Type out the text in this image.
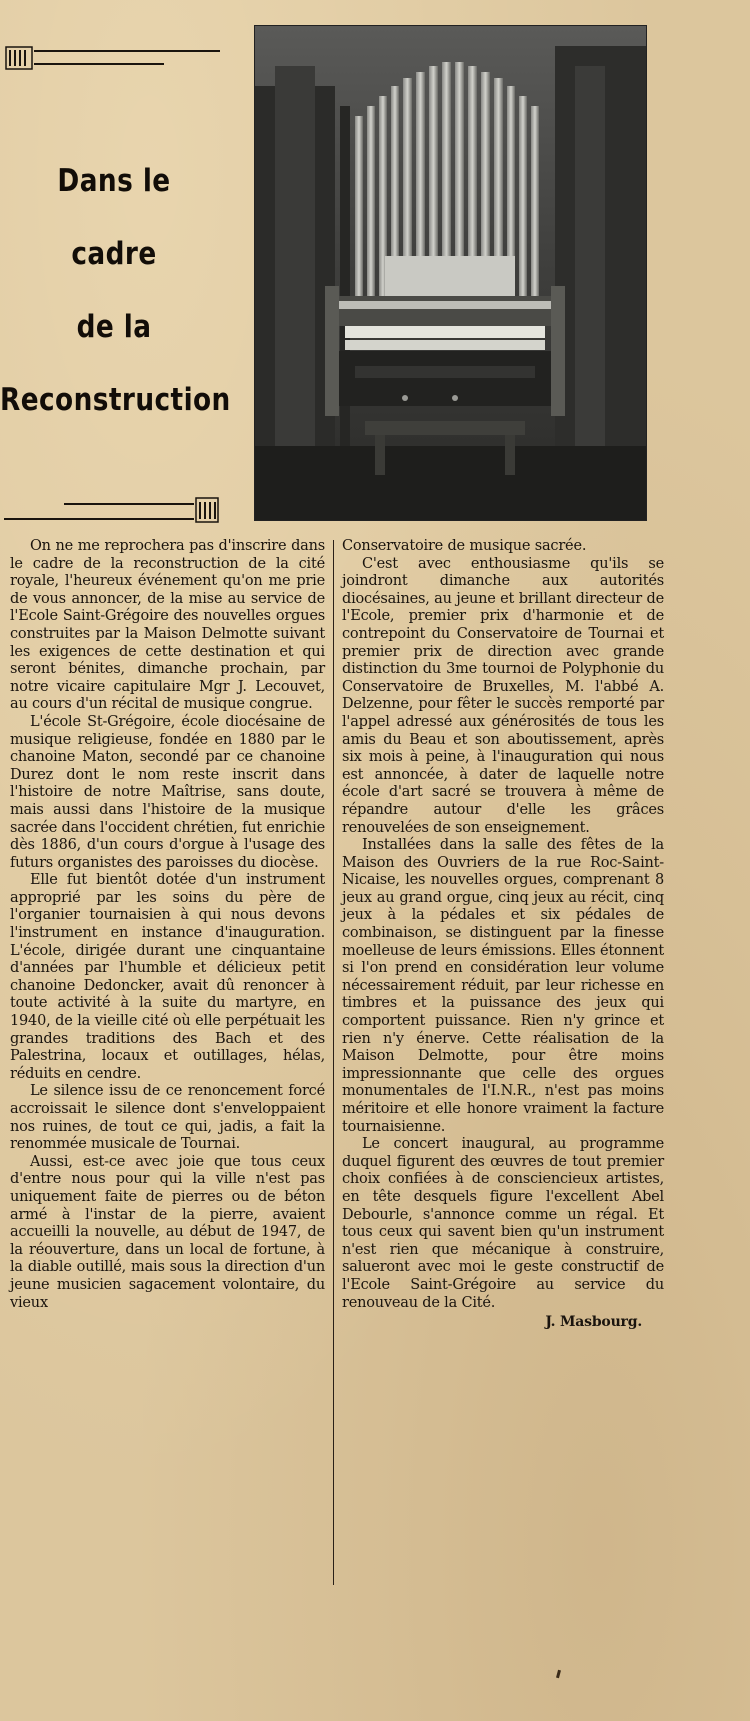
Dans le
cadre
de la
Reconstruction

On ne me reprochera pas d'inscrire dans le cadre de la reconstruction de la cité royale, l'heureux événement qu'on me prie de vous annoncer, de la mise au service de l'Ecole Saint-Grégoire des nouvelles orgues construites par la Maison Delmotte suivant les exigences de cette destination et qui seront bénites, dimanche prochain, par notre vicaire capitulaire Mgr J. Lecouvet, au cours d'un récital de musique congrue.

L'école St-Grégoire, école diocésaine de musique religieuse, fondée en 1880 par le chanoine Maton, secondé par ce chanoine Durez dont le nom reste inscrit dans l'histoire de notre Maîtrise, sans doute, mais aussi dans l'histoire de la musique sacrée dans l'occident chrétien, fut enrichie dès 1886, d'un cours d'orgue à l'usage des futurs organistes des paroisses du diocèse.

Elle fut bientôt dotée d'un instrument approprié par les soins du père de l'organier tournaisien à qui nous devons l'instrument en instance d'inauguration. L'école, dirigée durant une cinquantaine d'années par l'humble et délicieux petit chanoine Dedoncker, avait dû renoncer à toute activité à la suite du martyre, en 1940, de la vieille cité où elle perpétuait les grandes traditions des Bach et des Palestrina, locaux et outillages, hélas, réduits en cendre.

Le silence issu de ce renoncement forcé accroissait le silence dont s'enveloppaient nos ruines, de tout ce qui, jadis, a fait la renommée musicale de Tournai.

Aussi, est-ce avec joie que tous ceux d'entre nous pour qui la ville n'est pas uniquement faite de pierres ou de béton armé à l'instar de la pierre, avaient accueilli la nouvelle, au début de 1947, de la réouverture, dans un local de fortune, à la diable outillé, mais sous la direction d'un jeune musicien sagacement volontaire, du vieux

Conservatoire de musique sacrée.

C'est avec enthousiasme qu'ils se joindront dimanche aux autorités diocésaines, au jeune et brillant directeur de l'Ecole, premier prix d'harmonie et de contrepoint du Conservatoire de Tournai et premier prix de direction avec grande distinction du 3me tournoi de Polyphonie du Conservatoire de Bruxelles, M. l'abbé A. Delzenne, pour fêter le succès remporté par l'appel adressé aux générosités de tous les amis du Beau et son aboutissement, après six mois à peine, à l'inauguration qui nous est annoncée, à dater de laquelle notre école d'art sacré se trouvera à même de répandre autour d'elle les grâces renouvelées de son enseignement.

Installées dans la salle des fêtes de la Maison des Ouvriers de la rue Roc-Saint-Nicaise, les nouvelles orgues, comprenant 8 jeux au grand orgue, cinq jeux au récit, cinq jeux à la pédales et six pédales de combinaison, se distinguent par la finesse moelleuse de leurs émissions. Elles étonnent si l'on prend en considération leur volume nécessairement réduit, par leur richesse en timbres et la puissance des jeux qui comportent puissance. Rien n'y grince et rien n'y énerve. Cette réalisation de la Maison Delmotte, pour être moins impressionnante que celle des orgues monumentales de l'I.N.R., n'est pas moins méritoire et elle honore vraiment la facture tournaisienne.

Le concert inaugural, au programme duquel figurent des œuvres de tout premier choix confiées à de consciencieux artistes, en tête desquels figure l'excellent Abel Debourle, s'annonce comme un régal. Et tous ceux qui savent bien qu'un instrument n'est rien que mécanique à construire, salueront avec moi le geste constructif de l'Ecole Saint-Grégoire au service du renouveau de la Cité.

J. Masbourg.
